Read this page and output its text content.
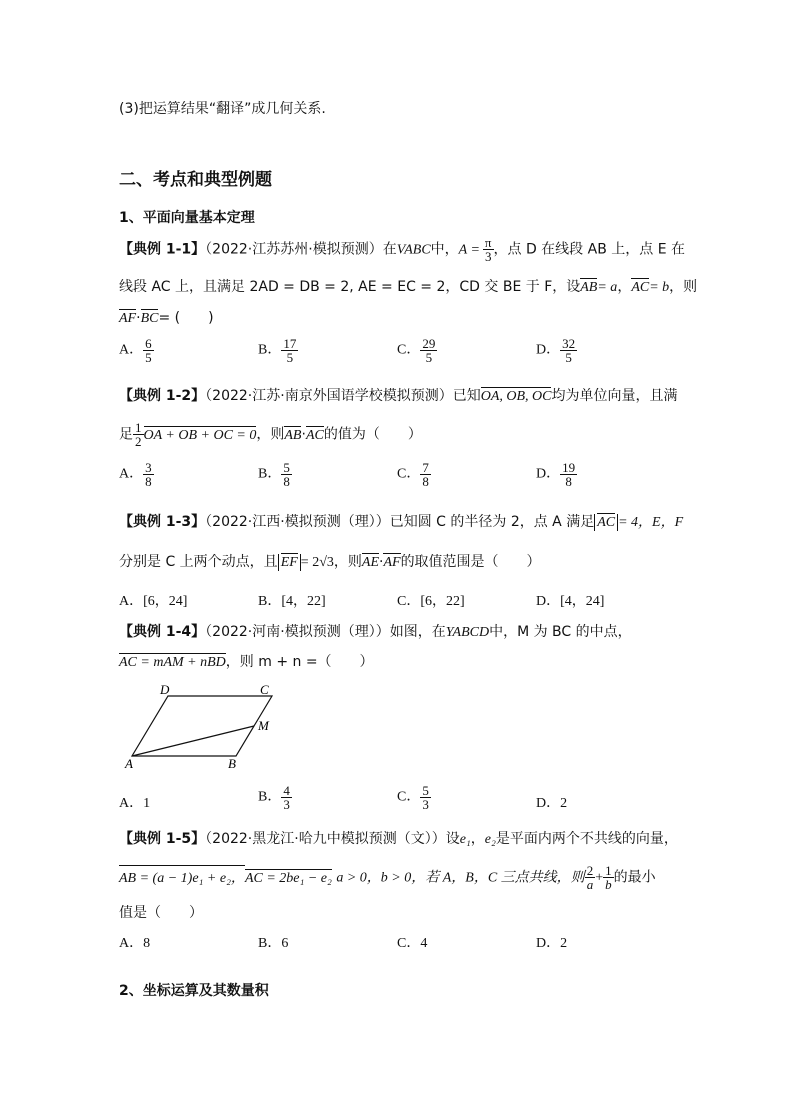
(3)把运算结果“翻译”成几何关系.
二、考点和典型例题
1、平面向量基本定理
【典例 1-1】（2022·江苏苏州·模拟预测）在VABC中，$A = \frac{\pi}{3}$ ，点 D 在线段 AB 上，点 E 在
线段 AC 上，且满足 2AD = DB = 2, AE = EC = 2，CD 交 BE 于 F，设AB= a，AC= b，则
AF·BC= (　　)
A． $\frac{6}{5}$	B． $\frac{17}{5}$	C． $\frac{29}{5}$	D． $\frac{32}{5}$
【典例 1-2】（2022·江苏·南京外国语学校模拟预测）已知OA, OB, OC均为单位向量，且满
足 $\frac{1}{2}$ OA + OB + OC = 0，则AB·AC的值为（　　）
A． $\frac{3}{8}$	B． $\frac{5}{8}$	C． $\frac{7}{8}$	D． $\frac{19}{8}$
【典例 1-3】（2022·江西·模拟预测（理））已知圆 C 的半径为 2，点 A 满足 AC = 4，E，F
分别是 C 上两个动点，且 EF = 2√3，则AE·AF的取值范围是（　　）
A．[6，24]	B．[4，22]	C．[6，22]	D．[4，24]
【典例 1-4】（2022·河南·模拟预测（理））如图，在YABCD中，M 为 BC 的中点，
AC = mAM + nBD，则 m + n =（　　）
D	C
M
A	B
A．1	B． $\frac{4}{3}$	C． $\frac{5}{3}$	D．2
【典例 1-5】（2022·黑龙江·哈九中模拟预测（文））设e₁，e₂是平面内两个不共线的向量，
AB = (a − 1)e₁ + e₂，AC = 2be₁ − e₂ a > 0，b > 0，若 A，B，C 三点共线，则 $\frac{2}{a} + \frac{1}{b}$ 的最小
值是（　　）
A．8	B．6	C．4	D．2
2、坐标运算及其数量积
